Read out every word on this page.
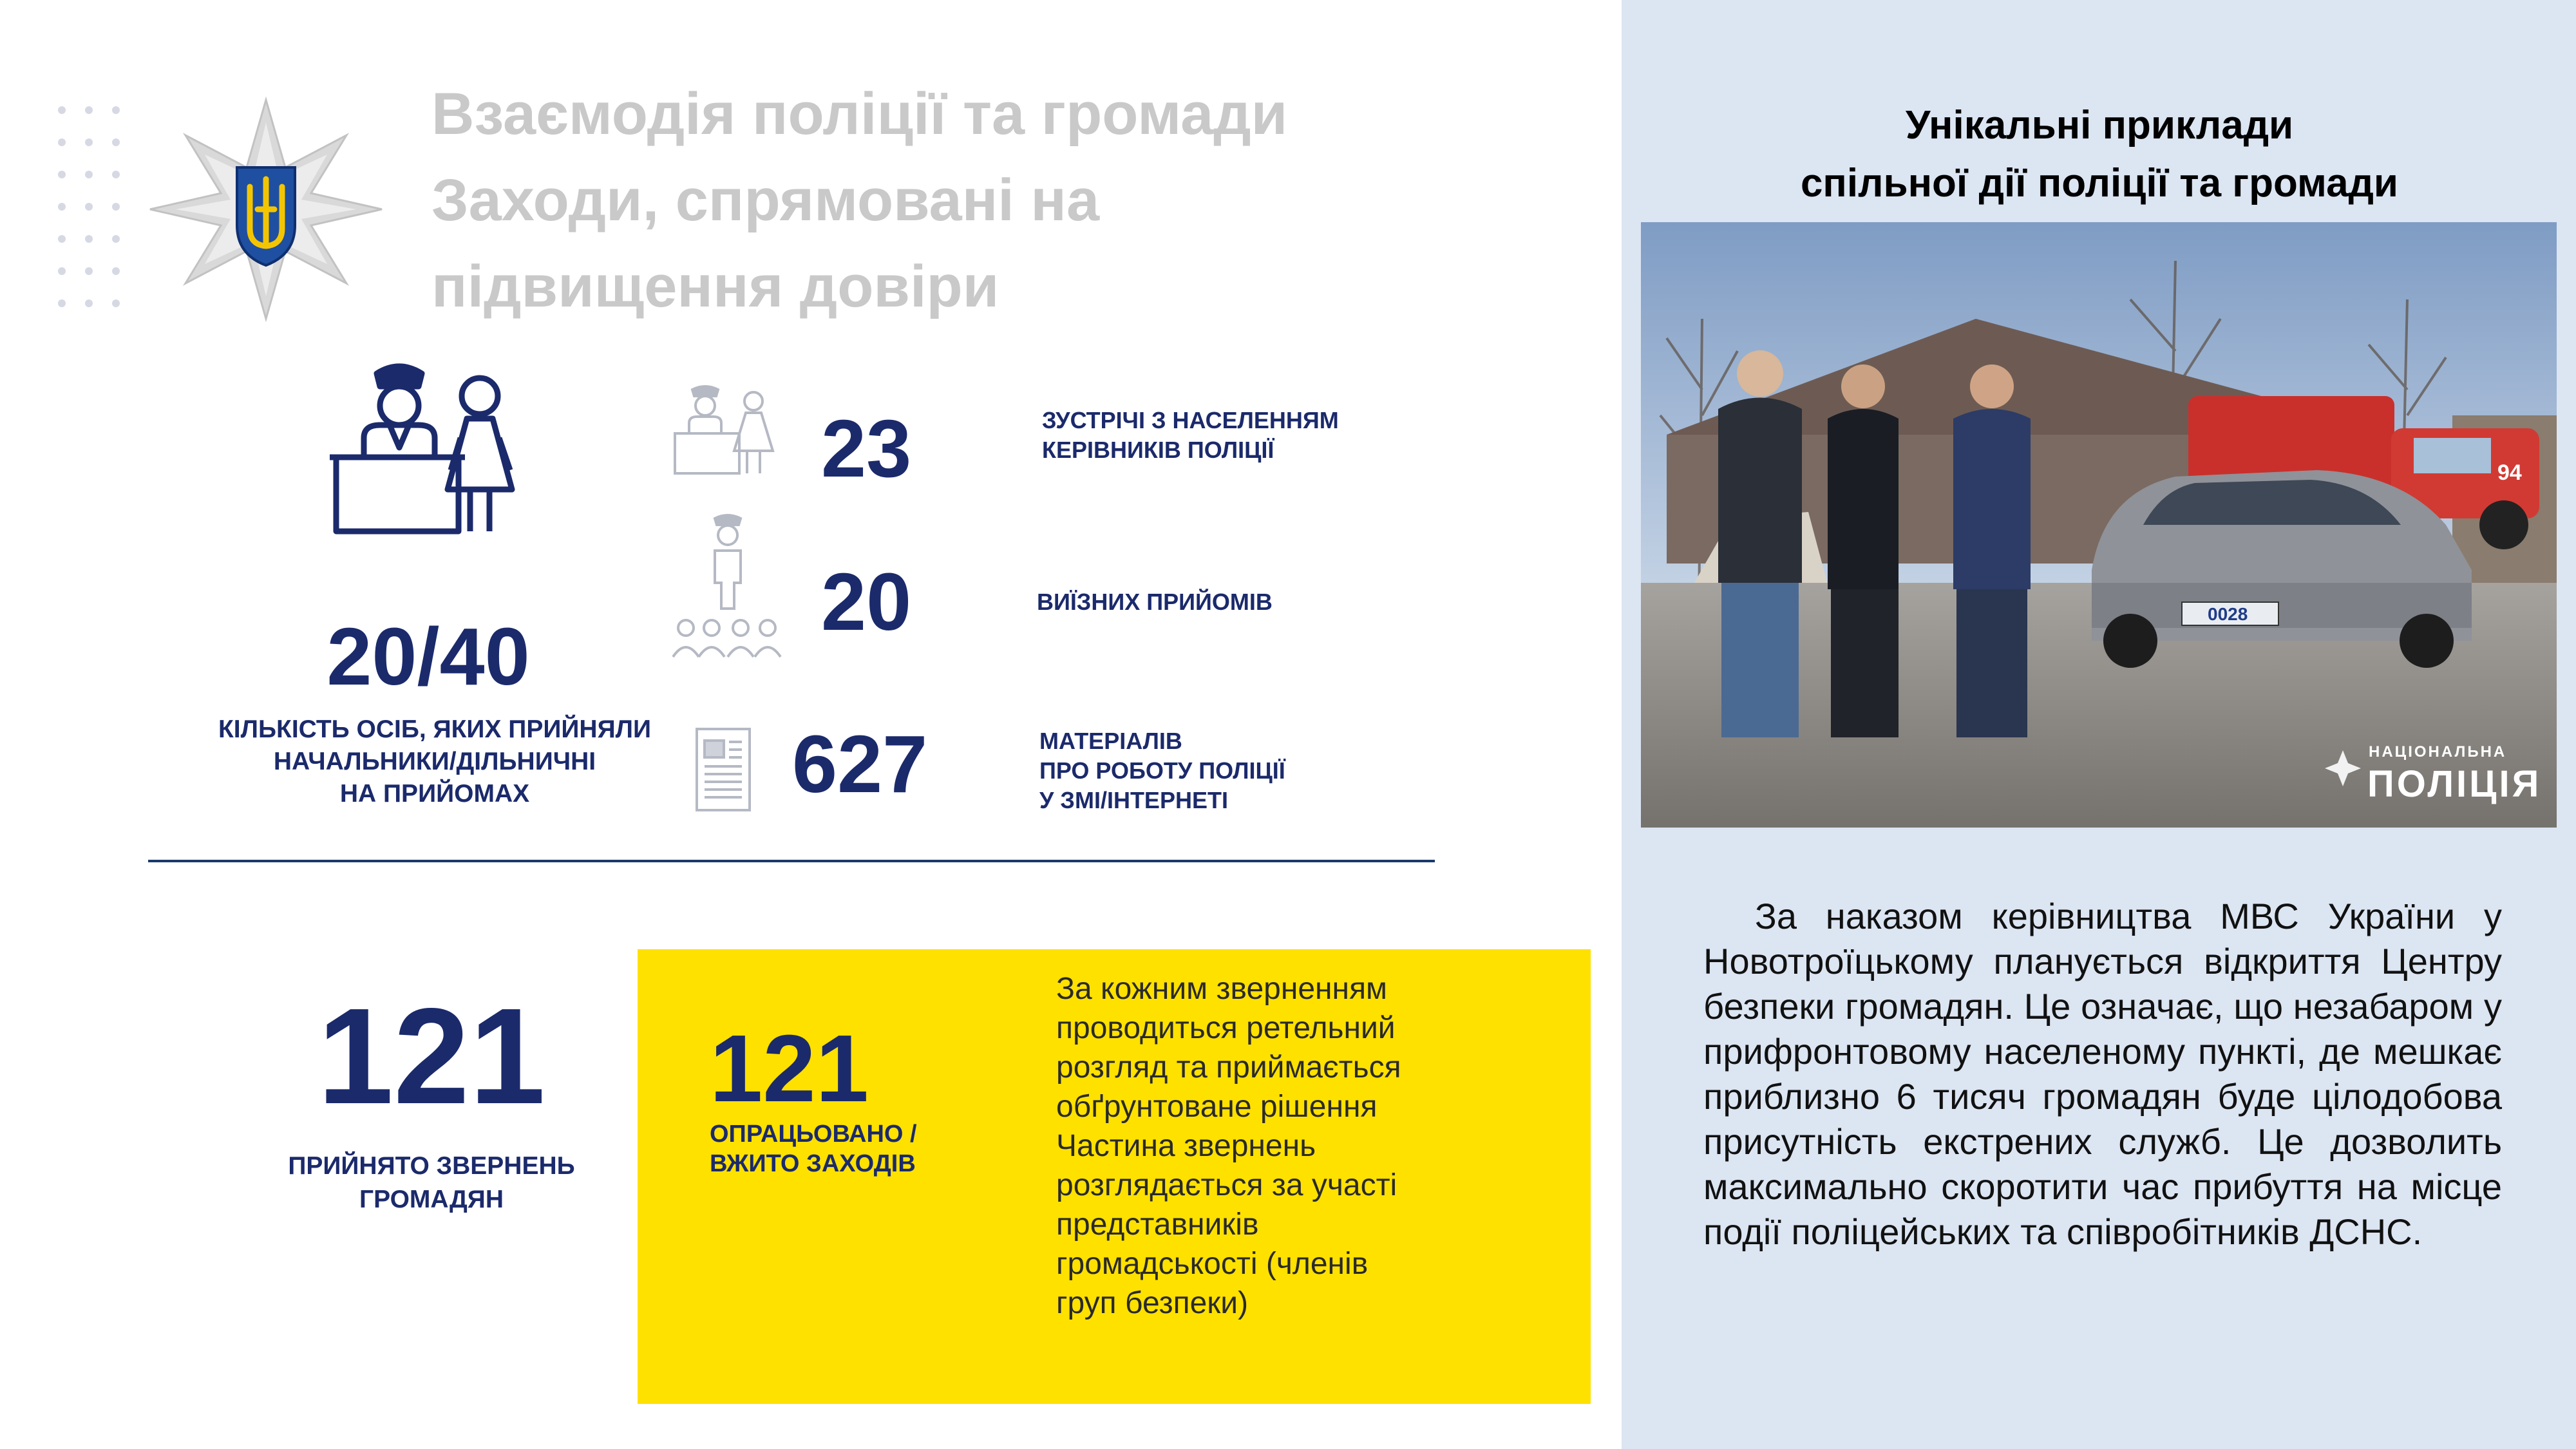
Взаємодія поліції та громади
Заходи, спрямовані на
підвищення довіри
20/40
КІЛЬКІСТЬ ОСІБ, ЯКИХ ПРИЙНЯЛИ
НАЧАЛЬНИКИ/ДІЛЬНИЧНІ
НА ПРИЙОМАХ
23	ЗУСТРІЧІ З НАСЕЛЕННЯМ
КЕРІВНИКІВ ПОЛІЦІЇ
20	ВИЇЗНИХ ПРИЙОМІВ
627	МАТЕРІАЛІВ
ПРО РОБОТУ ПОЛІЦІЇ
У ЗМІ/ІНТЕРНЕТІ
121
ПРИЙНЯТО ЗВЕРНЕНЬ
ГРОМАДЯН
121
ОПРАЦЬОВАНО /
ВЖИТО ЗАХОДІВ
За кожним зверненням
проводиться ретельний
розгляд та приймається
обґрунтоване рішення
Частина звернень
розглядається за участі
представників
громадськості (членів
груп безпеки)
Унікальні приклади
спільної дії поліції та громади
94
0028
НАЦІОНАЛЬНА
ПОЛІЦІЯ
За наказом керівництва МВС України у Новотроїцькому планується відкриття Центру безпеки громадян. Це означає, що незабаром у прифронтовому населеному пункті, де мешкає приблизно 6 тисяч громадян буде цілодобова присутність екстрених служб. Це дозволить максимально скоротити час прибуття на місце події поліцейських та співробітників ДСНС.
